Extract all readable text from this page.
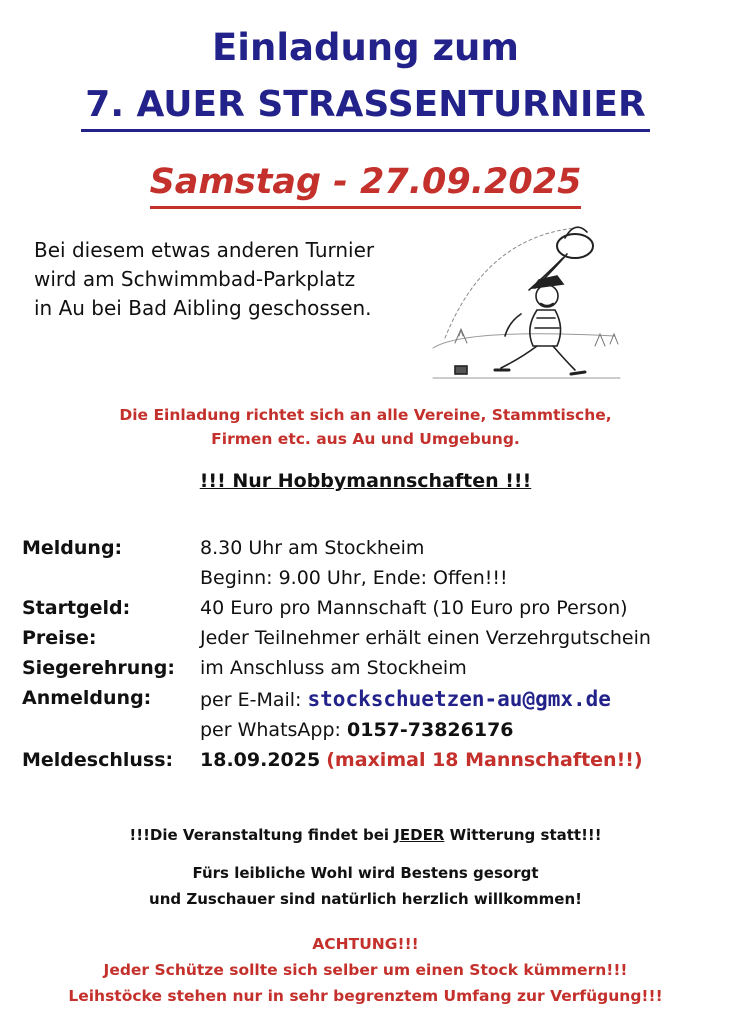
Einladung zum
7. AUER STRASSENTURNIER
Samstag - 27.09.2025
Bei diesem etwas anderen Turnier
wird am Schwimmbad-Parkplatz
in Au bei Bad Aibling geschossen.
Die Einladung richtet sich an alle Vereine, Stammtische,
Firmen etc. aus Au und Umgebung.
!!! Nur Hobbymannschaften !!!
Meldung:	8.30 Uhr am Stockheim
Beginn: 9.00 Uhr, Ende: Offen!!!
Startgeld:	40 Euro pro Mannschaft (10 Euro pro Person)
Preise:	Jeder Teilnehmer erhält einen Verzehrgutschein
Siegerehrung: im Anschluss am Stockheim
Anmeldung:	per E-Mail: stockschuetzen-au@gmx.de
per WhatsApp: 0157-73826176
Meldeschluss: 18.09.2025 (maximal 18 Mannschaften!!)
!!!Die Veranstaltung findet bei JEDER Witterung statt!!!
Fürs leibliche Wohl wird Bestens gesorgt
und Zuschauer sind natürlich herzlich willkommen!
ACHTUNG!!!
Jeder Schütze sollte sich selber um einen Stock kümmern!!!
Leihstöcke stehen nur in sehr begrenztem Umfang zur Verfügung!!!
